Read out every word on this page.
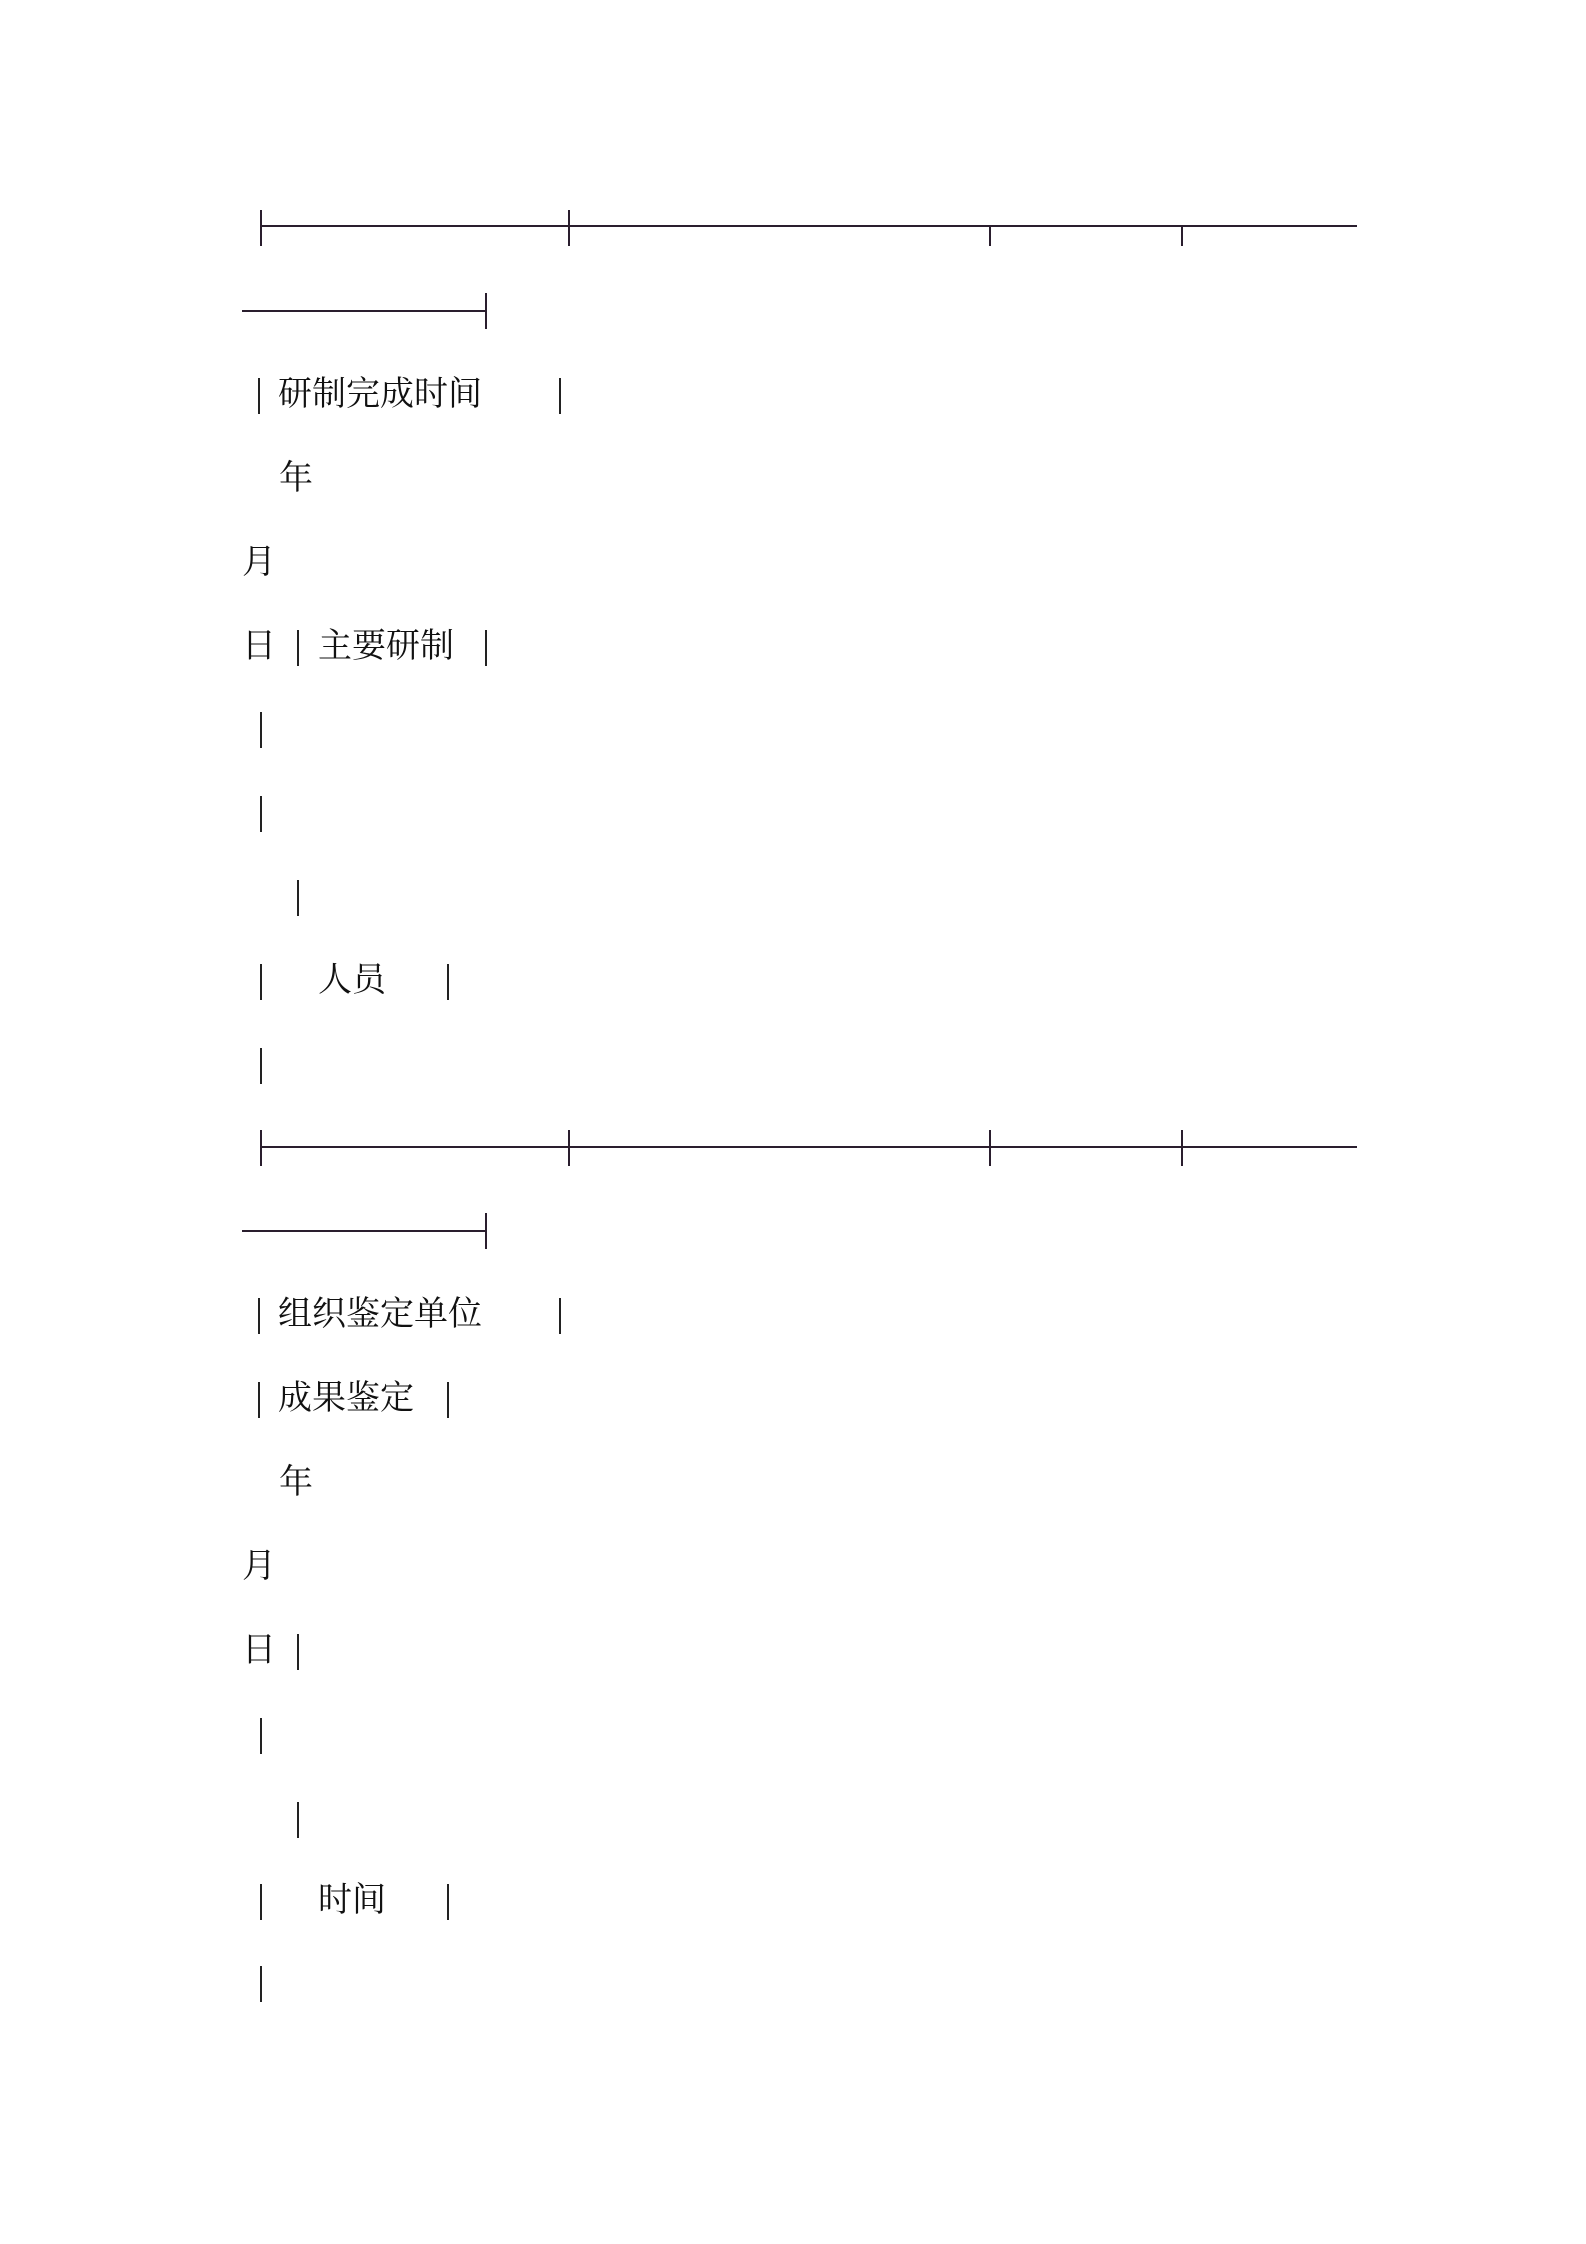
研制完成时间
年
月
日 主要研制
人员
组织鉴定单位
成果鉴定
年
月
日
时间
